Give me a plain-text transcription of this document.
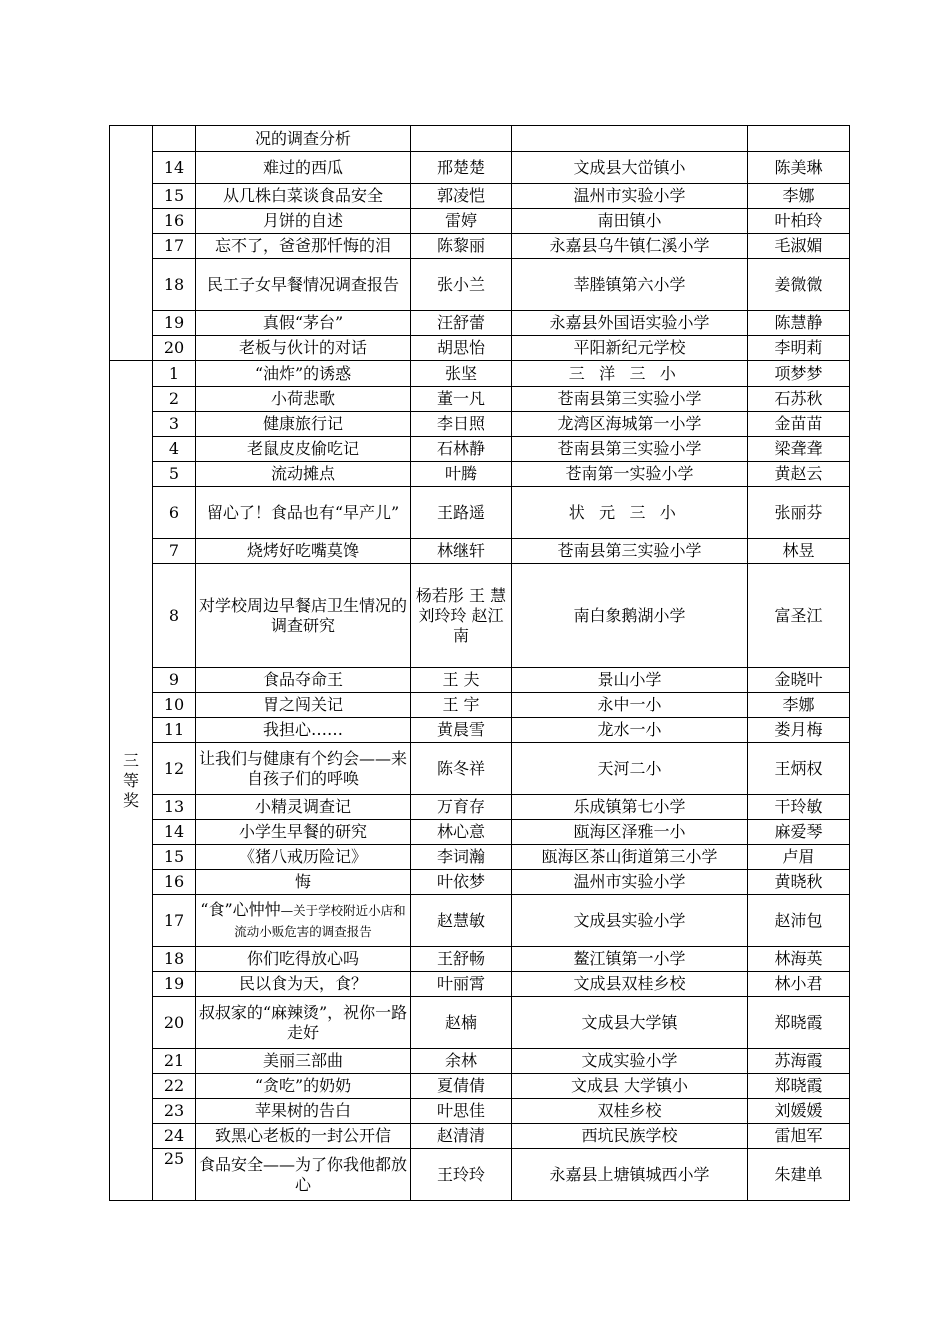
		况的调查分析			
	14	难过的西瓜	邢楚楚	文成县大峃镇小	陈美琳
	15	从几株白菜谈食品安全	郭凌恺	温州市实验小学	李娜
	16	月饼的自述	雷婷	南田镇小	叶柏玲
	17	忘不了，爸爸那忏悔的泪	陈黎丽	永嘉县乌牛镇仁溪小学	毛淑媚
	18	民工子女早餐情况调查报告	张小兰	莘塍镇第六小学	姜微微
	19	真假“茅台”	汪舒蕾	永嘉县外国语实验小学	陈慧静
	20	老板与伙计的对话	胡思怡	平阳新纪元学校	李明莉

三
等
奖	1	“油炸”的诱惑	张坚	三洋三小	项梦梦
	2	小荷悲歌	董一凡	苍南县第三实验小学	石苏秋
	3	健康旅行记	李日照	龙湾区海城第一小学	金苗苗
	4	老鼠皮皮偷吃记	石林静	苍南县第三实验小学	梁聋聋
	5	流动摊点	叶腾	苍南第一实验小学	黄赵云
	6	留心了！食品也有“早产儿”	王路遥	状元三小	张丽芬
	7	烧烤好吃嘴莫馋	林继轩	苍南县第三实验小学	林昱
	8	对学校周边早餐店卫生情况的调查研究	杨若彤 王 慧 刘玲玲 赵江南	南白象鹅湖小学	富圣江
	9	食品夺命王	王 夫	景山小学	金晓叶
	10	胃之闯关记	王 宇	永中一小	李娜
	11	我担心……	黄晨雪	龙水一小	娄月梅
	12	让我们与健康有个约会——来自孩子们的呼唤	陈冬祥	天河二小	王炳权
	13	小精灵调查记	万育存	乐成镇第七小学	干玲敏
	14	小学生早餐的研究	林心意	瓯海区泽雅一小	麻爱琴
	15	《猪八戒历险记》	李词瀚	瓯海区茶山街道第三小学	卢眉
	16	悔	叶依梦	温州市实验小学	黄晓秋
	17	“食”心忡忡—关于学校附近小店和流动小贩危害的调查报告	赵慧敏	文成县实验小学	赵沛包
	18	你们吃得放心吗	王舒畅	鳌江镇第一小学	林海英
	19	民以食为天，食？	叶丽霄	文成县双桂乡校	林小君
	20	叔叔家的“麻辣烫”，祝你一路走好	赵楠	文成县大学镇	郑晓霞
	21	美丽三部曲	余林	文成实验小学	苏海霞
	22	“贪吃”的奶奶	夏倩倩	文成县 大学镇小	郑晓霞
	23	苹果树的告白	叶思佳	双桂乡校	刘媛媛
	24	致黑心老板的一封公开信	赵清清	西坑民族学校	雷旭军
	25	食品安全——为了你我他都放心	王玲玲	永嘉县上塘镇城西小学	朱建单
